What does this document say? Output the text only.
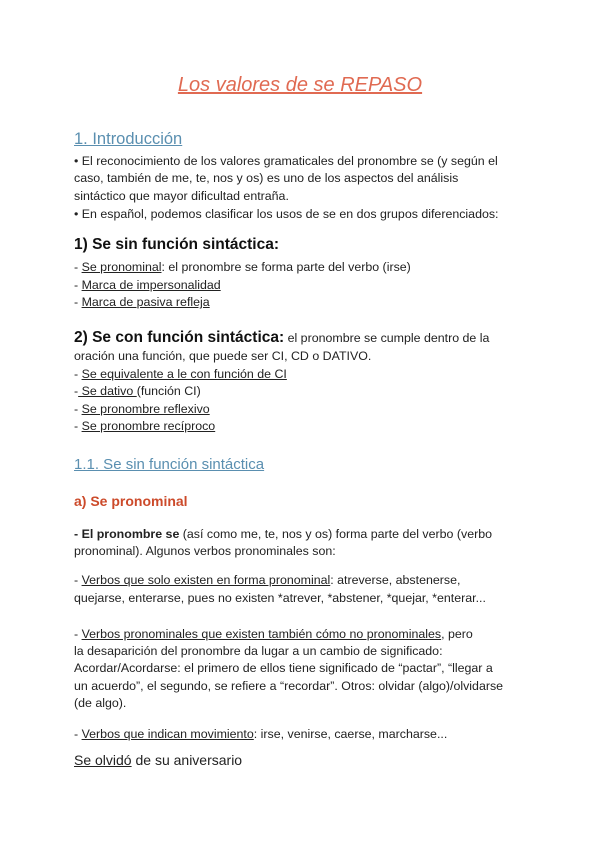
Los valores de se REPASO
1. Introducción
• El reconocimiento de los valores gramaticales del pronombre se (y según el
caso, también de me, te, nos y os) es uno de los aspectos del análisis
sintáctico que mayor dificultad entraña.
• En español, podemos clasificar los usos de se en dos grupos diferenciados:
1) Se sin función sintáctica:
- Se pronominal: el pronombre se forma parte del verbo (irse)
- Marca de impersonalidad
- Marca de pasiva refleja
2) Se con función sintáctica: el pronombre se cumple dentro de la
oración una función, que puede ser CI, CD o DATIVO.
- Se equivalente a le con función de CI
- Se dativo (función CI)
- Se pronombre reflexivo
- Se pronombre recíproco
1.1. Se sin función sintáctica
a) Se pronominal
- El pronombre se (así como me, te, nos y os) forma parte del verbo (verbo
pronominal). Algunos verbos pronominales son:
- Verbos que solo existen en forma pronominal: atreverse, abstenerse,
quejarse, enterarse, pues no existen *atrever, *abstener, *quejar, *enterar...
- Verbos pronominales que existen también cómo no pronominales, pero
la desaparición del pronombre da lugar a un cambio de significado:
Acordar/Acordarse: el primero de ellos tiene significado de “pactar”, “llegar a
un acuerdo”, el segundo, se refiere a “recordar”. Otros: olvidar (algo)/olvidarse
(de algo).
- Verbos que indican movimiento: irse, venirse, caerse, marcharse...
Se olvidó de su aniversario
